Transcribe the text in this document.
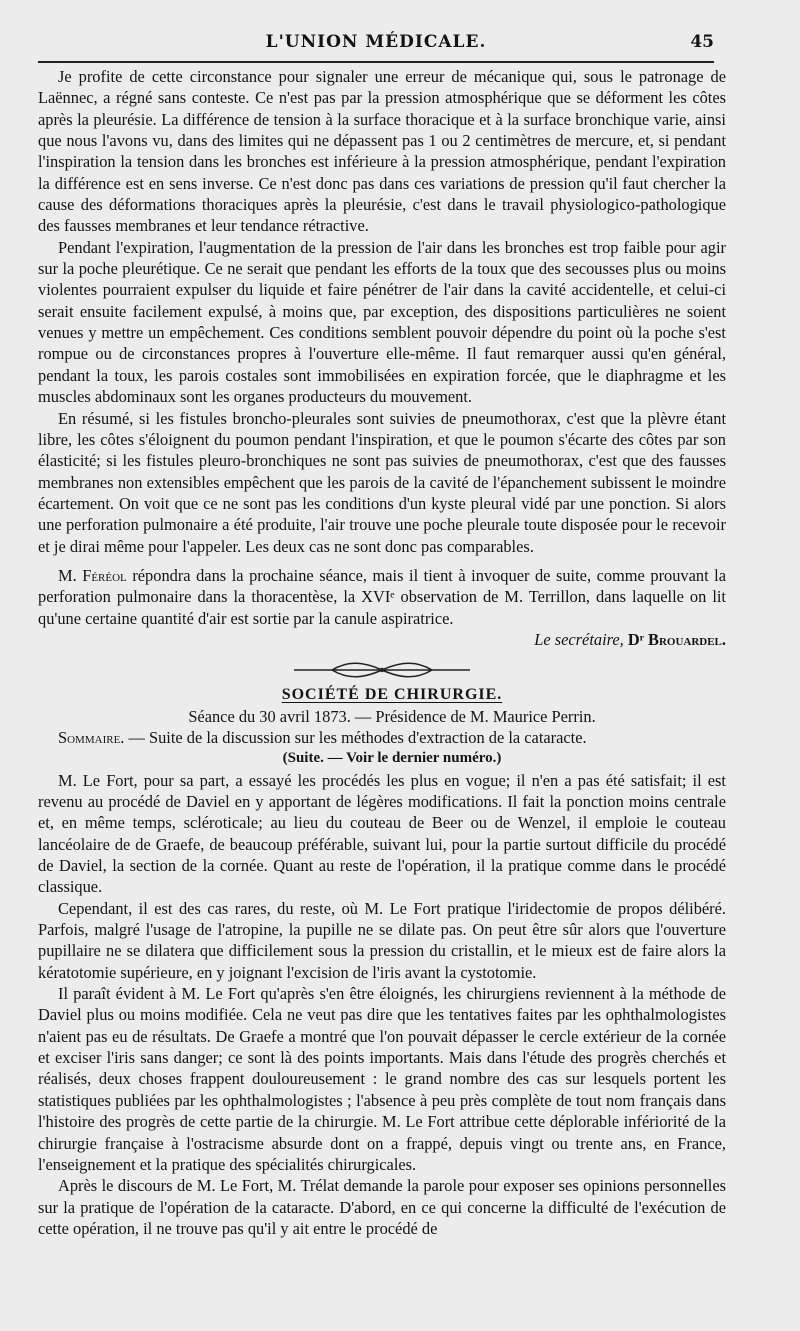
L'UNION MÉDICALE.	45

Je profite de cette circonstance pour signaler une erreur de mécanique qui, sous le patronage de Laënnec, a régné sans conteste. Ce n'est pas par la pression atmosphérique que se déforment les côtes après la pleurésie. La différence de tension à la surface thoracique et à la surface bronchique varie, ainsi que nous l'avons vu, dans des limites qui ne dépassent pas 1 ou 2 centimètres de mercure, et, si pendant l'inspiration la tension dans les bronches est inférieure à la pression atmosphérique, pendant l'expiration la différence est en sens inverse. Ce n'est donc pas dans ces variations de pression qu'il faut chercher la cause des déformations thoraciques après la pleurésie, c'est dans le travail physiologico-pathologique des fausses membranes et leur tendance rétractive.

Pendant l'expiration, l'augmentation de la pression de l'air dans les bronches est trop faible pour agir sur la poche pleurétique. Ce ne serait que pendant les efforts de la toux que des secousses plus ou moins violentes pourraient expulser du liquide et faire pénétrer de l'air dans la cavité accidentelle, et celui-ci serait ensuite facilement expulsé, à moins que, par exception, des dispositions particulières ne soient venues y mettre un empêchement. Ces conditions semblent pouvoir dépendre du point où la poche s'est rompue ou de circonstances propres à l'ouverture elle-même. Il faut remarquer aussi qu'en général, pendant la toux, les parois costales sont immobilisées en expiration forcée, que le diaphragme et les muscles abdominaux sont les organes producteurs du mouvement.

En résumé, si les fistules broncho-pleurales sont suivies de pneumothorax, c'est que la plèvre étant libre, les côtes s'éloignent du poumon pendant l'inspiration, et que le poumon s'écarte des côtes par son élasticité; si les fistules pleuro-bronchiques ne sont pas suivies de pneumothorax, c'est que des fausses membranes non extensibles empêchent que les parois de la cavité de l'épanchement subissent le moindre écartement. On voit que ce ne sont pas les conditions d'un kyste pleural vidé par une ponction. Si alors une perforation pulmonaire a été produite, l'air trouve une poche pleurale toute disposée pour le recevoir et je dirai même pour l'appeler. Les deux cas ne sont donc pas comparables.

M. Féréol répondra dans la prochaine séance, mais il tient à invoquer de suite, comme prouvant la perforation pulmonaire dans la thoracentèse, la XVIᵉ observation de M. Terrillon, dans laquelle on lit qu'une certaine quantité d'air est sortie par la canule aspiratrice.

Le secrétaire, Dʳ Brouardel.

SOCIÉTÉ DE CHIRURGIE.

Séance du 30 avril 1873. — Présidence de M. Maurice Perrin.

Sommaire. — Suite de la discussion sur les méthodes d'extraction de la cataracte.

(Suite. — Voir le dernier numéro.)

M. Le Fort, pour sa part, a essayé les procédés les plus en vogue; il n'en a pas été satisfait; il est revenu au procédé de Daviel en y apportant de légères modifications. Il fait la ponction moins centrale et, en même temps, scléroticale; au lieu du couteau de Beer ou de Wenzel, il emploie le couteau lancéolaire de de Graefe, de beaucoup préférable, suivant lui, pour la partie surtout difficile du procédé de Daviel, la section de la cornée. Quant au reste de l'opération, il la pratique comme dans le procédé classique.

Cependant, il est des cas rares, du reste, où M. Le Fort pratique l'iridectomie de propos délibéré. Parfois, malgré l'usage de l'atropine, la pupille ne se dilate pas. On peut être sûr alors que l'ouverture pupillaire ne se dilatera que difficilement sous la pression du cristallin, et le mieux est de faire alors la kératotomie supérieure, en y joignant l'excision de l'iris avant la cystotomie.

Il paraît évident à M. Le Fort qu'après s'en être éloignés, les chirurgiens reviennent à la méthode de Daviel plus ou moins modifiée. Cela ne veut pas dire que les tentatives faites par les ophthalmologistes n'aient pas eu de résultats. De Graefe a montré que l'on pouvait dépasser le cercle extérieur de la cornée et exciser l'iris sans danger; ce sont là des points importants. Mais dans l'étude des progrès cherchés et réalisés, deux choses frappent douloureusement : le grand nombre des cas sur lesquels portent les statistiques publiées par les ophthalmologistes ; l'absence à peu près complète de tout nom français dans l'histoire des progrès de cette partie de la chirurgie. M. Le Fort attribue cette déplorable infériorité de la chirurgie française à l'ostracisme absurde dont on a frappé, depuis vingt ou trente ans, en France, l'enseignement et la pratique des spécialités chirurgicales.

Après le discours de M. Le Fort, M. Trélat demande la parole pour exposer ses opinions personnelles sur la pratique de l'opération de la cataracte. D'abord, en ce qui concerne la difficulté de l'exécution de cette opération, il ne trouve pas qu'il y ait entre le procédé de
